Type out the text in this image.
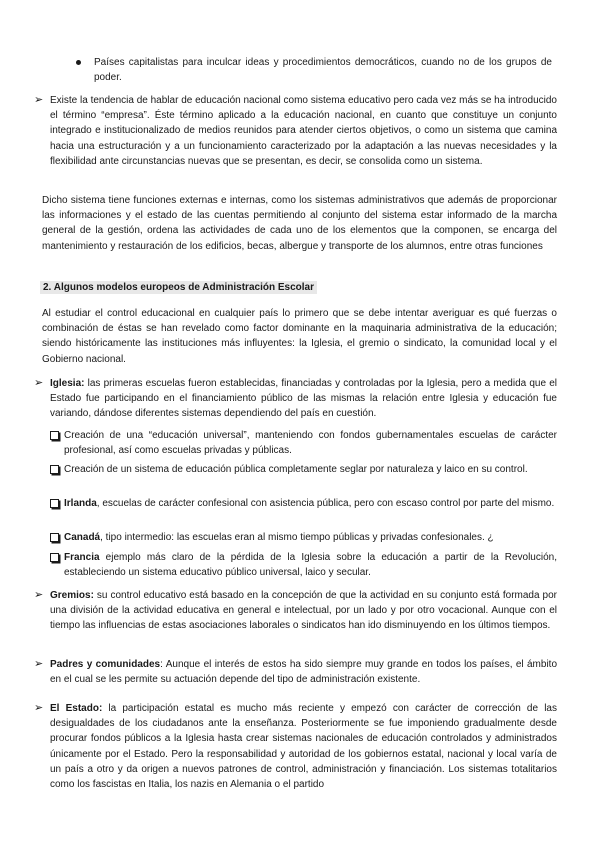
Países capitalistas para inculcar ideas y procedimientos democráticos, cuando no de los grupos de poder.

➢ Existe la tendencia de hablar de educación nacional como sistema educativo pero cada vez más se ha introducido el término “empresa”. Éste término aplicado a la educación nacional, en cuanto que constituye un conjunto integrado e institucionalizado de medios reunidos para atender ciertos objetivos, o como un sistema que camina hacia una estructuración y a un funcionamiento caracterizado por la adaptación a las nuevas necesidades y la flexibilidad ante circunstancias nuevas que se presentan, es decir, se consolida como un sistema.

Dicho sistema tiene funciones externas e internas, como los sistemas administrativos que además de proporcionar las informaciones y el estado de las cuentas permitiendo al conjunto del sistema estar informado de la marcha general de la gestión, ordena las actividades de cada uno de los elementos que la componen, se encarga del mantenimiento y restauración de los edificios, becas, albergue y transporte de los alumnos, entre otras funciones

2. Algunos modelos europeos de Administración Escolar

Al estudiar el control educacional en cualquier país lo primero que se debe intentar averiguar es qué fuerzas o combinación de éstas se han revelado como factor dominante en la maquinaria administrativa de la educación; siendo históricamente las instituciones más influyentes: la Iglesia, el gremio o sindicato, la comunidad local y el Gobierno nacional.

➢ Iglesia: las primeras escuelas fueron establecidas, financiadas y controladas por la Iglesia, pero a medida que el Estado fue participando en el financiamiento público de las mismas la relación entre Iglesia y educación fue variando, dándose diferentes sistemas dependiendo del país en cuestión.

Creación de una “educación universal”, manteniendo con fondos gubernamentales escuelas de carácter profesional, así como escuelas privadas y públicas.

Creación de un sistema de educación pública completamente seglar por naturaleza y laico en su control.

Irlanda, escuelas de carácter confesional con asistencia pública, pero con escaso control por parte del mismo.

Canadá, tipo intermedio: las escuelas eran al mismo tiempo públicas y privadas confesionales. ¿

Francia ejemplo más claro de la pérdida de la Iglesia sobre la educación a partir de la Revolución, estableciendo un sistema educativo público universal, laico y secular.

➢ Gremios: su control educativo está basado en la concepción de que la actividad en su conjunto está formada por una división de la actividad educativa en general e intelectual, por un lado y por otro vocacional. Aunque con el tiempo las influencias de estas asociaciones laborales o sindicatos han ido disminuyendo en los últimos tiempos.

➢ Padres y comunidades: Aunque el interés de estos ha sido siempre muy grande en todos los países, el ámbito en el cual se les permite su actuación depende del tipo de administración existente.

➢ El Estado: la participación estatal es mucho más reciente y empezó con carácter de corrección de las desigualdades de los ciudadanos ante la enseñanza. Posteriormente se fue imponiendo gradualmente desde procurar fondos públicos a la Iglesia hasta crear sistemas nacionales de educación controlados y administrados únicamente por el Estado. Pero la responsabilidad y autoridad de los gobiernos estatal, nacional y local varía de un país a otro y da origen a nuevos patrones de control, administración y financiación. Los sistemas totalitarios como los fascistas en Italia, los nazis en Alemania o el partido
